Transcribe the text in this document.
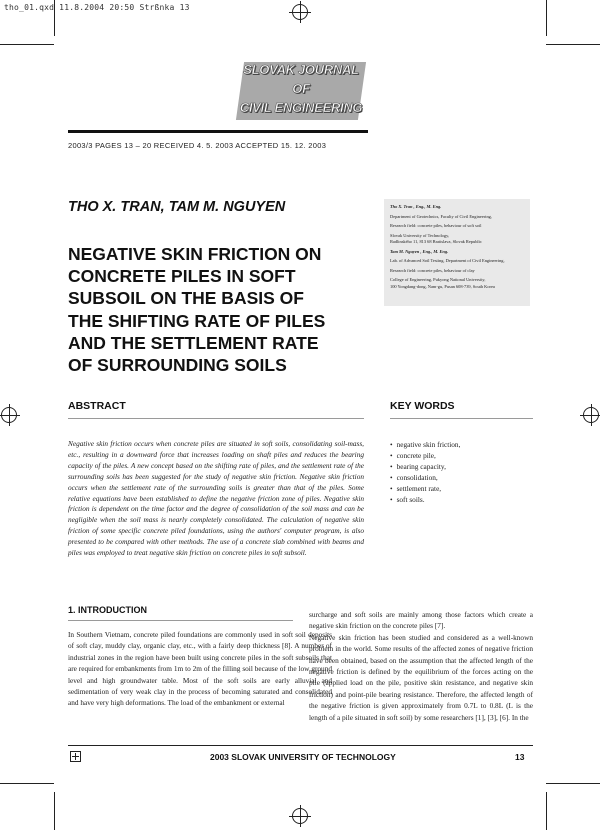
tho_01.qxd 11.8.2004 20:50 Strßnka 13
SLOVAK JOURNAL
OF
CIVIL ENGINEERING
2003/3 PAGES 13 – 20 RECEIVED 4. 5. 2003 ACCEPTED 15. 12. 2003
THO X. TRAN, TAM M. NGUYEN
NEGATIVE SKIN FRICTION ON
CONCRETE PILES IN SOFT
SUBSOIL ON THE BASIS OF
THE SHIFTING RATE OF PILES
AND THE SETTLEMENT RATE
OF SURROUNDING SOILS

Tho X. Tran , Eng., M. Eng.

Department of Geotechnics, Faculty of Civil Engineering,

Research field: concrete piles, behaviour of soft soil

Slovak University of Technology,

Radlinského 11, 813 68 Bratislava, Slovak Republic

Tam M. Nguyen , Eng., M. Eng.

Lab. of Advanced Soil Testing, Department of Civil Engineering,

Research field: concrete piles, behaviour of clay

College of Engineering, Pukyong National University,

100 Yongdang-dong, Nam-gu, Pusan 608-739, South Korea

ABSTRACT	KEY WORDS
Negative skin friction occurs when concrete piles are situated in soft soils, consolidating soil-mass, etc., resulting in a downward force that increases loading on shaft piles and reduces the bearing capacity of the piles. A new concept based on the shifting rate of piles, and the settlement rate of the surrounding soils has been suggested for the study of negative skin friction. Negative skin friction occurs when the settlement rate of the surrounding soils is greater than that of the piles. Some relative equations have been established to define the negative friction zone of piles. Negative skin friction is dependent on the time factor and the degree of consolidation of the soil mass and can be negligible when the soil mass is nearly completely consolidated. The calculation of negative skin friction of some specific concrete piled foundations, using the authors' computer program, is also presented to be compared with other methods. The use of a concrete slab combined with beams and piles was employed to treat negative skin friction on concrete piles in soft subsoil.
• negative skin friction,
• concrete pile,
• bearing capacity,
• consolidation,
• settlement rate,
• soft soils.
1. INTRODUCTION

In Southern Vietnam, concrete piled foundations are commonly used in soft soil deposits of soft clay, muddy clay, organic clay, etc., with a fairly deep thickness [8]. A number of industrial zones in the region have been built using concrete piles in the soft subsoils that are required for embankments from 1m to 2m of the filling soil because of the low ground level and high groundwater table. Most of the soft soils are early alluvial and sedimentation of very weak clay in the process of becoming saturated and consolidated and have very high deformations. The load of the embankment or external

surcharge and soft soils are mainly among those factors which create a negative skin friction on the concrete piles [7].

Negative skin friction has been studied and considered as a well-known problem in the world. Some results of the affected zones of negative friction have been obtained, based on the assumption that the affected length of the negative friction is defined by the equilibrium of the forces acting on the pile (applied load on the pile, positive skin resistance, and negative skin friction) and point-pile bearing resistance. Therefore, the affected length of the negative friction is given approximately from 0.7L to 0.8L (L is the length of a pile situated in soft soil) by some researchers [1], [3], [6]. In the

2003 SLOVAK UNIVERSITY OF TECHNOLOGY	13
